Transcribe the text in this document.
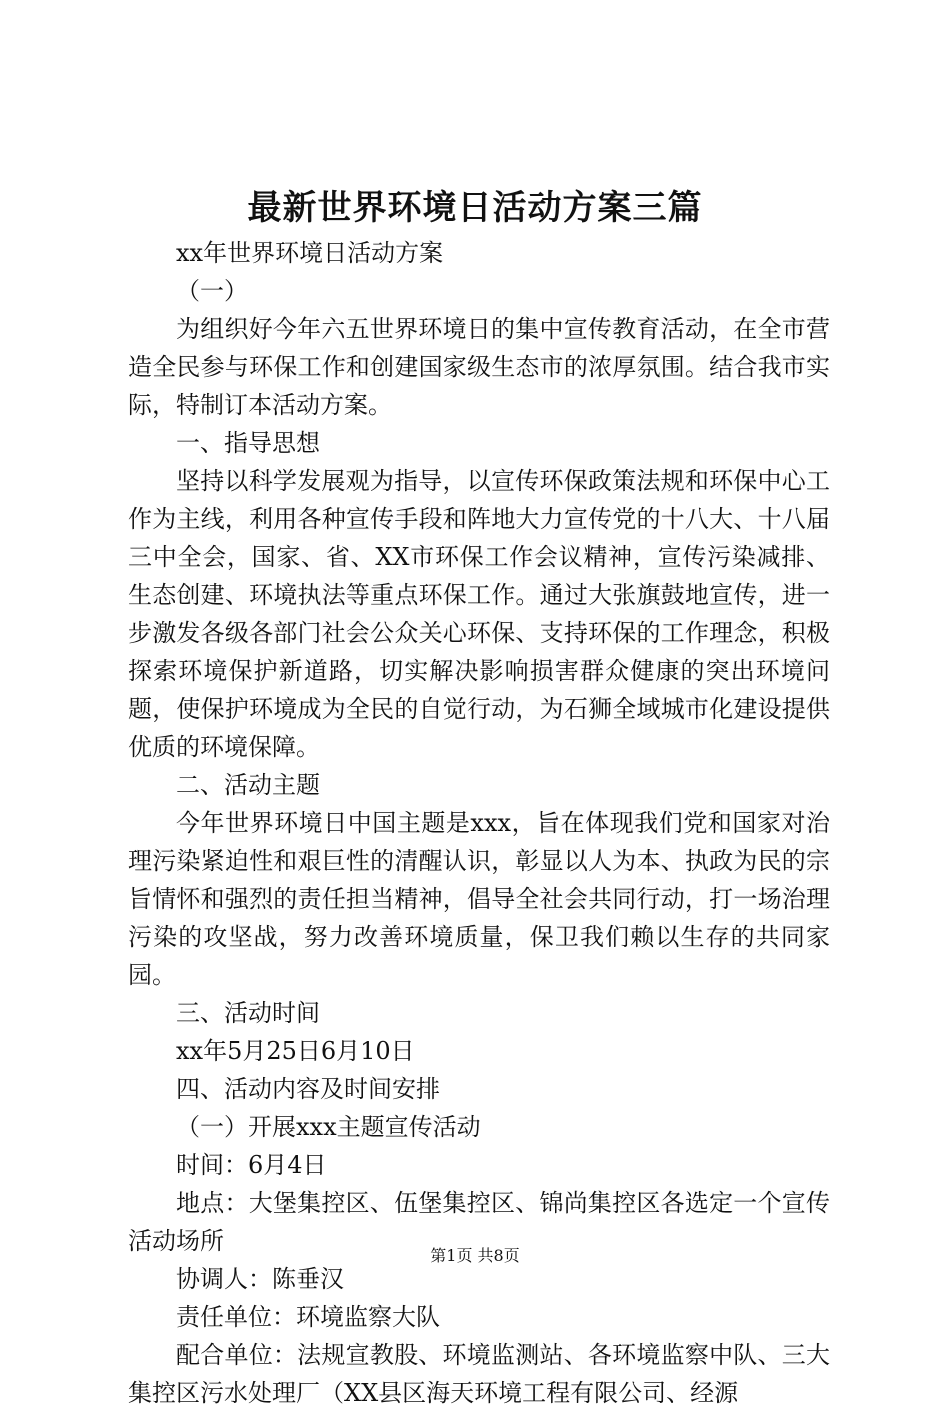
最新世界环境日活动方案三篇

xx年世界环境日活动方案

（一）

为组织好今年六五世界环境日的集中宣传教育活动，在全市营造全民参与环保工作和创建国家级生态市的浓厚氛围。结合我市实际，特制订本活动方案。

一、指导思想

坚持以科学发展观为指导，以宣传环保政策法规和环保中心工作为主线，利用各种宣传手段和阵地大力宣传党的十八大、十八届三中全会，国家、省、XX市环保工作会议精神，宣传污染减排、生态创建、环境执法等重点环保工作。通过大张旗鼓地宣传，进一步激发各级各部门社会公众关心环保、支持环保的工作理念，积极探索环境保护新道路，切实解决影响损害群众健康的突出环境问题，使保护环境成为全民的自觉行动，为石狮全域城市化建设提供优质的环境保障。

二、活动主题

今年世界环境日中国主题是xxx，旨在体现我们党和国家对治理污染紧迫性和艰巨性的清醒认识，彰显以人为本、执政为民的宗旨情怀和强烈的责任担当精神，倡导全社会共同行动，打一场治理污染的攻坚战，努力改善环境质量，保卫我们赖以生存的共同家园。

三、活动时间

xx年5月25日6月10日

四、活动内容及时间安排

（一）开展xxx主题宣传活动

时间：6月4日

地点：大堡集控区、伍堡集控区、锦尚集控区各选定一个宣传活动场所

协调人：陈垂汉

责任单位：环境监察大队

配合单位：法规宣教股、环境监测站、各环境监察中队、三大集控区污水处理厂（XX县区海天环境工程有限公司、经源

第1页 共8页
